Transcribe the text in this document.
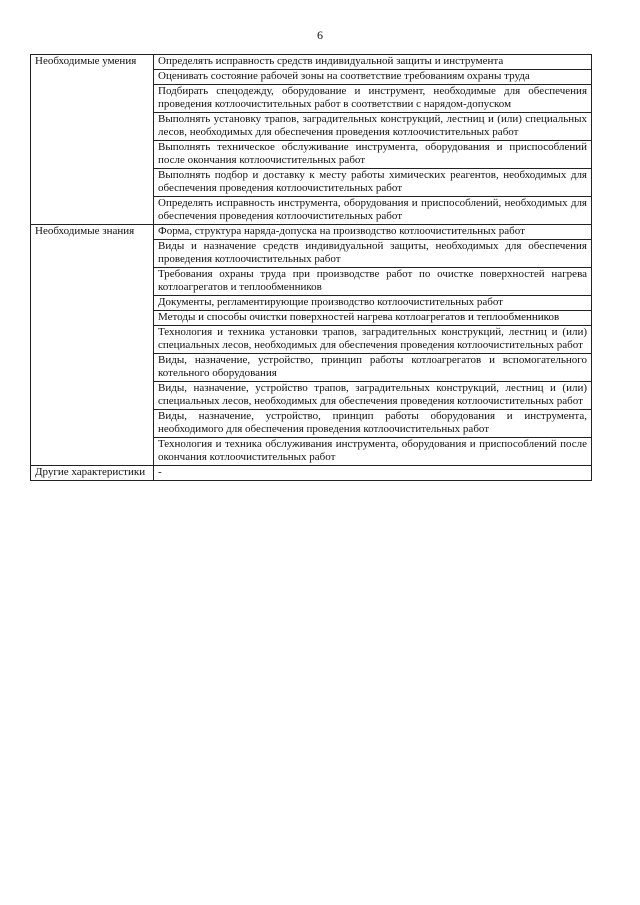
6
Необходимые умения	Определять исправность средств индивидуальной защиты и инструмента
	Оценивать состояние рабочей зоны на соответствие требованиям охраны труда
	Подбирать спецодежду, оборудование и инструмент, необходимые для обеспечения проведения котлоочистительных работ в соответствии с нарядом-допуском
	Выполнять установку трапов, заградительных конструкций, лестниц и (или) специальных лесов, необходимых для обеспечения проведения котлоочистительных работ
	Выполнять техническое обслуживание инструмента, оборудования и приспособлений после окончания котлоочистительных работ
	Выполнять подбор и доставку к месту работы химических реагентов, необходимых для обеспечения проведения котлоочистительных работ
	Определять исправность инструмента, оборудования и приспособлений, необходимых для обеспечения проведения котлоочистительных работ
Необходимые знания	Форма, структура наряда-допуска на производство котлоочистительных работ
	Виды и назначение средств индивидуальной защиты, необходимых для обеспечения проведения котлоочистительных работ
	Требования охраны труда при производстве работ по очистке поверхностей нагрева котлоагрегатов и теплообменников
	Документы, регламентирующие производство котлоочистительных работ
	Методы и способы очистки поверхностей нагрева котлоагрегатов и теплообменников
	Технология и техника установки трапов, заградительных конструкций, лестниц и (или) специальных лесов, необходимых для обеспечения проведения котлоочистительных работ
	Виды, назначение, устройство, принцип работы котлоагрегатов и вспомогательного котельного оборудования
	Виды, назначение, устройство трапов, заградительных конструкций, лестниц и (или) специальных лесов, необходимых для обеспечения проведения котлоочистительных работ
	Виды, назначение, устройство, принцип работы оборудования и инструмента, необходимого для обеспечения проведения котлоочистительных работ
	Технология и техника обслуживания инструмента, оборудования и приспособлений после окончания котлоочистительных работ
Другие характеристики	-
